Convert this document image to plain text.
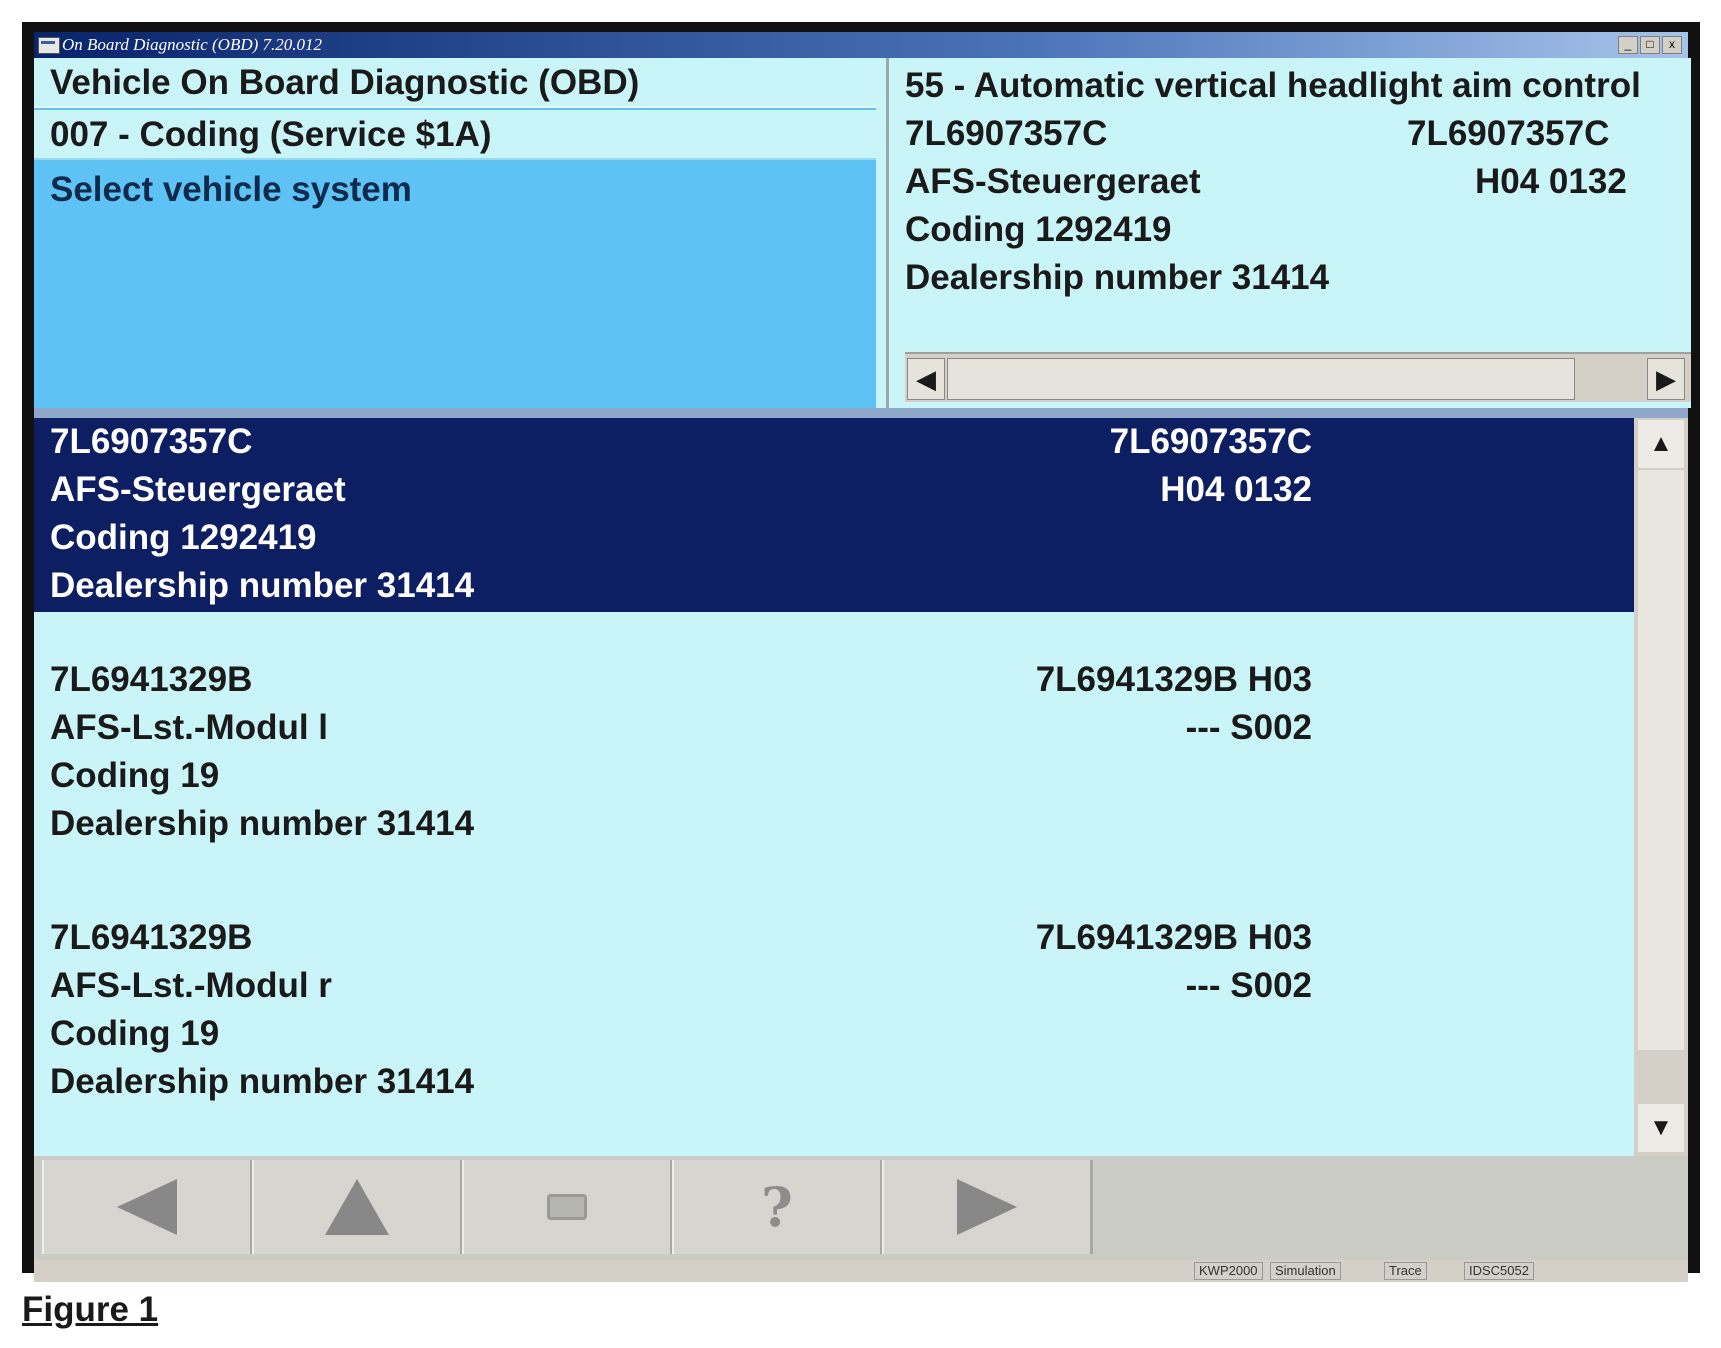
On Board Diagnostic (OBD) 7.20.012	_	□	x
Vehicle On Board Diagnostic (OBD)
007 - Coding (Service $1A)
Select vehicle system
55 - Automatic vertical headlight aim control
7L6907357C	7L6907357C
AFS-Steuergeraet	H04 0132
Coding 1292419
Dealership number 31414
◀	▶
7L6907357C	7L6907357C
AFS-Steuergeraet	H04 0132
Coding 1292419
Dealership number 31414
7L6941329B	7L6941329B H03
AFS-Lst.-Modul l	--- S002
Coding 19
Dealership number 31414
7L6941329B	7L6941329B H03
AFS-Lst.-Modul r	--- S002
Coding 19
Dealership number 31414
▲
▼
?
KWP2000	Simulation	Trace	IDSC5052
Figure 1
